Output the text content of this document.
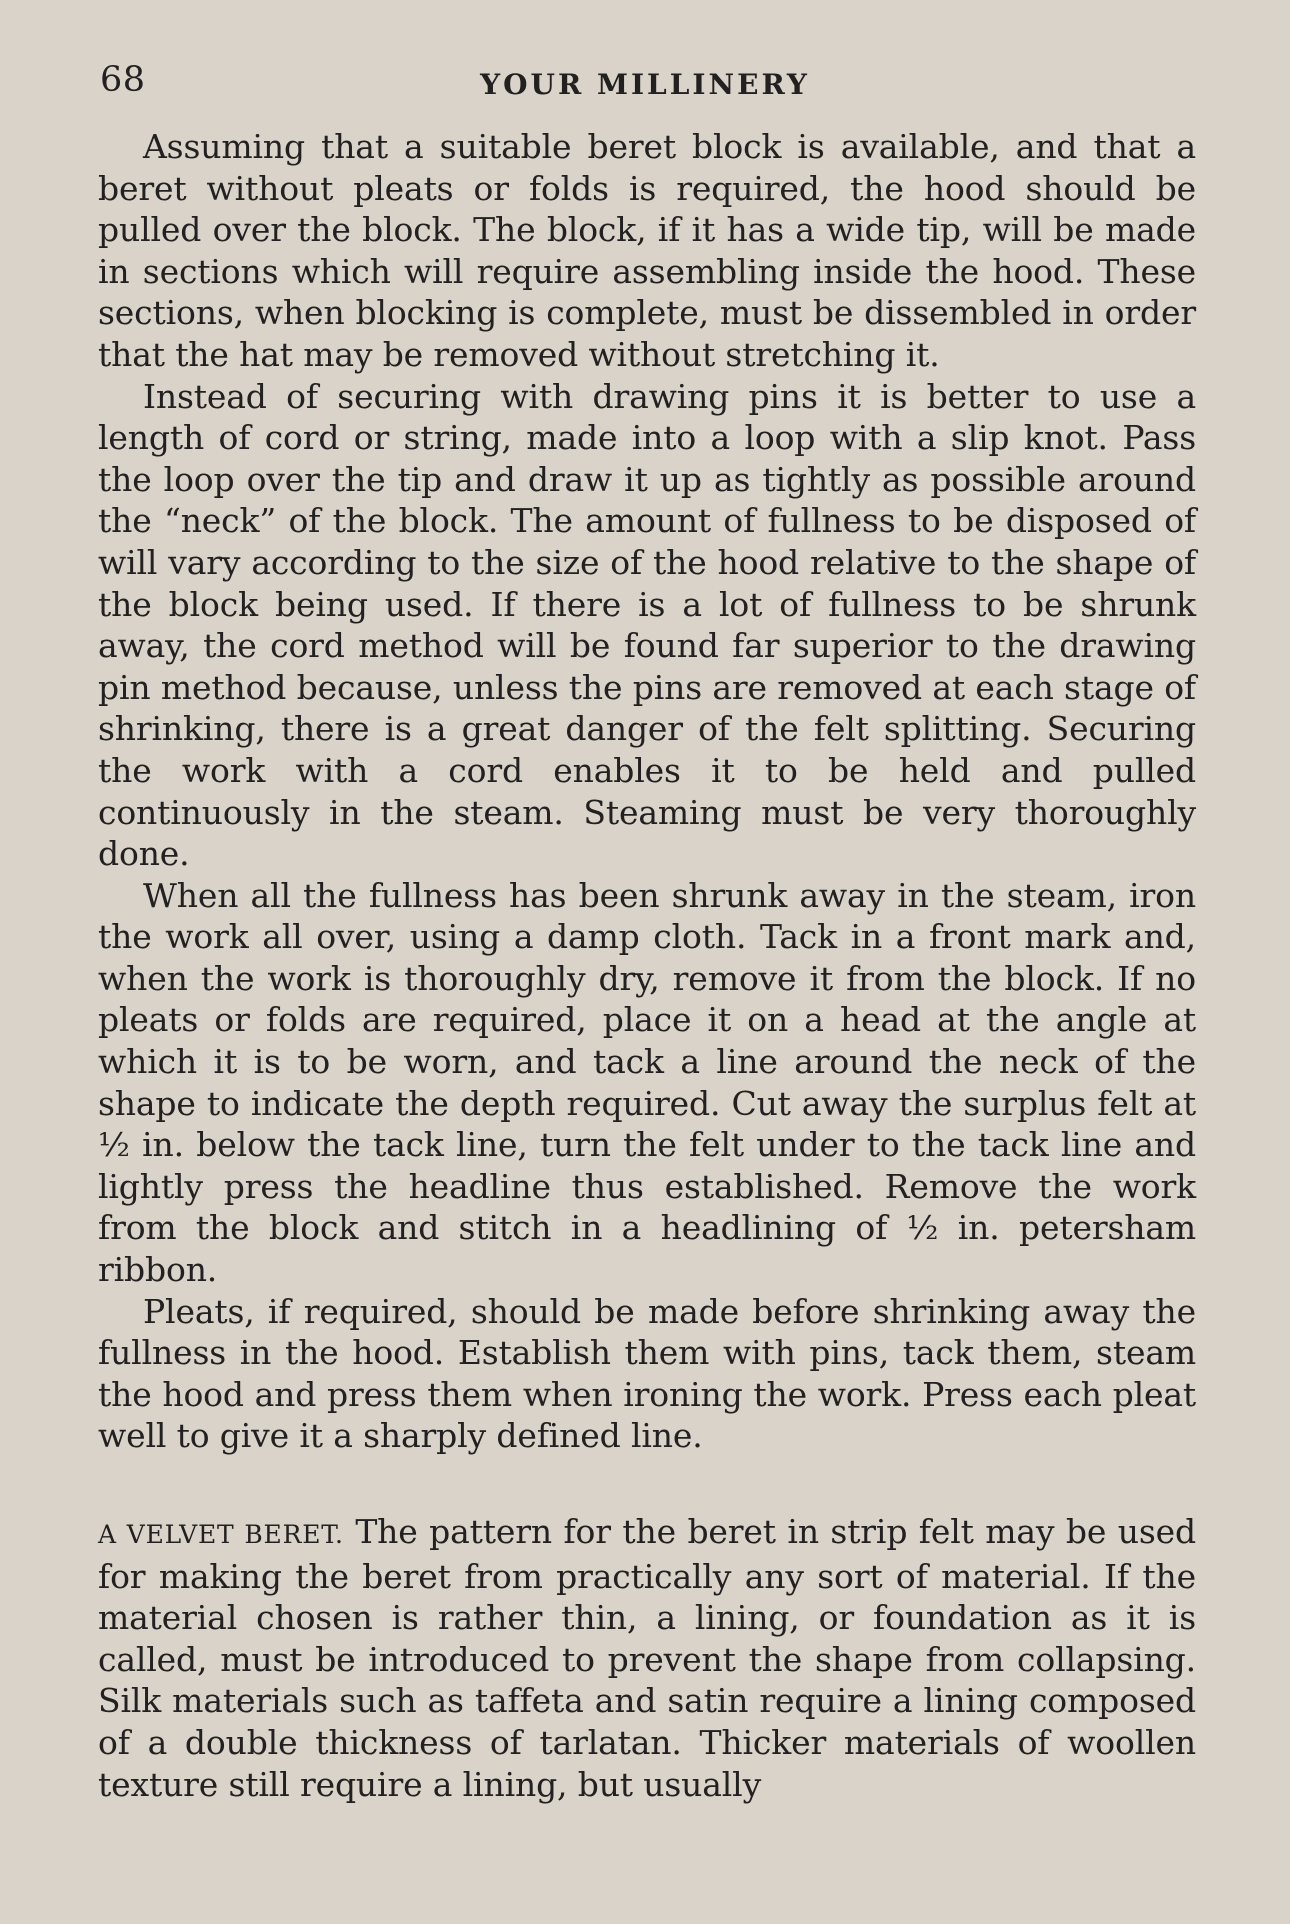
68	YOUR MILLINERY

Assuming that a suitable beret block is available, and that a beret without pleats or folds is required, the hood should be pulled over the block. The block, if it has a wide tip, will be made in sections which will require assembling inside the hood. These sections, when blocking is complete, must be dissembled in order that the hat may be removed without stretching it.

Instead of securing with drawing pins it is better to use a length of cord or string, made into a loop with a slip knot. Pass the loop over the tip and draw it up as tightly as possible around the “neck” of the block. The amount of fullness to be disposed of will vary according to the size of the hood relative to the shape of the block being used. If there is a lot of fullness to be shrunk away, the cord method will be found far superior to the drawing pin method because, unless the pins are removed at each stage of shrinking, there is a great danger of the felt splitting. Securing the work with a cord enables it to be held and pulled continuously in the steam. Steaming must be very thoroughly done.

When all the fullness has been shrunk away in the steam, iron the work all over, using a damp cloth. Tack in a front mark and, when the work is thoroughly dry, remove it from the block. If no pleats or folds are required, place it on a head at the angle at which it is to be worn, and tack a line around the neck of the shape to indicate the depth required. Cut away the surplus felt at ½ in. below the tack line, turn the felt under to the tack line and lightly press the headline thus established. Remove the work from the block and stitch in a headlining of ½ in. petersham ribbon.

Pleats, if required, should be made before shrinking away the fullness in the hood. Establish them with pins, tack them, steam the hood and press them when ironing the work. Press each pleat well to give it a sharply defined line.

A VELVET BERET. The pattern for the beret in strip felt may be used for making the beret from practically any sort of material. If the material chosen is rather thin, a lining, or foundation as it is called, must be introduced to prevent the shape from collapsing. Silk materials such as taffeta and satin require a lining composed of a double thickness of tarlatan. Thicker materials of woollen texture still require a lining, but usually
